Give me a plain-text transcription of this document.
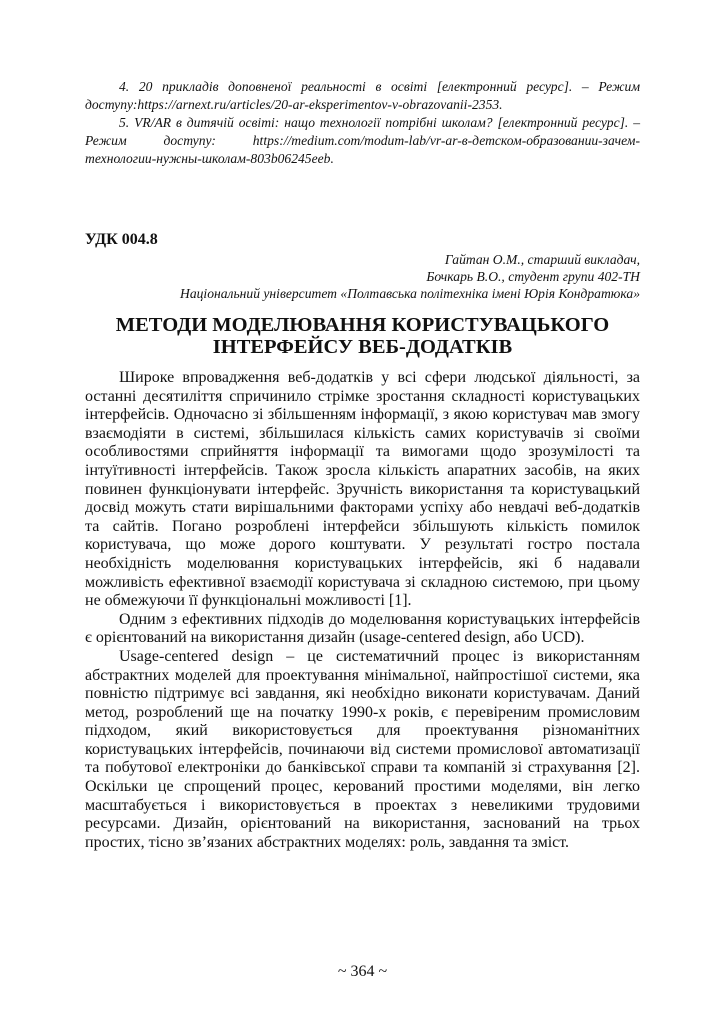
4. 20 прикладів доповненої реальності в освіті [електронний ресурс]. – Режим доступу:https://arnext.ru/articles/20-ar-eksperimentov-v-obrazovanii-2353.

5. VR/AR в дитячій освіті: нащо технології потрібні школам? [електронний ресурс]. – Режим доступу: https://medium.com/modum-lab/vr-ar-в-детском-образовании-зачем-технологии-нужны-школам-803b06245eeb.

УДК 004.8
Гайтан О.М., старший викладач,
Бочкарь В.О., студент групи 402-ТН
Національний університет «Полтавська політехніка імені Юрія Кондратюка»
МЕТОДИ МОДЕЛЮВАННЯ КОРИСТУВАЦЬКОГО
ІНТЕРФЕЙСУ ВЕБ-ДОДАТКІВ

Широке впровадження веб-додатків у всі сфери людської діяльності, за останні десятиліття спричинило стрімке зростання складності користувацьких інтерфейсів. Одночасно зі збільшенням інформації, з якою користувач мав змогу взаємодіяти в системі, збільшилася кількість самих користувачів зі своїми особливостями сприйняття інформації та вимогами щодо зрозумілості та інтуїтивності інтерфейсів. Також зросла кількість апаратних засобів, на яких повинен функціонувати інтерфейс. Зручність використання та користувацький досвід можуть стати вирішальними факторами успіху або невдачі веб-додатків та сайтів. Погано розроблені інтерфейси збільшують кількість помилок користувача, що може дорого коштувати. У результаті гостро постала необхідність моделювання користувацьких інтерфейсів, які б надавали можливість ефективної взаємодії користувача зі складною системою, при цьому не обмежуючи її функціональні можливості [1].

Одним з ефективних підходів до моделювання користувацьких інтерфейсів є орієнтований на використання дизайн (usage-centered design, або UCD).

Usage-centered design – це систематичний процес із використанням абстрактних моделей для проектування мінімальної, найпростішої системи, яка повністю підтримує всі завдання, які необхідно виконати користувачам. Даний метод, розроблений ще на початку 1990-х років, є перевіреним промисловим підходом, який використовується для проектування різноманітних користувацьких інтерфейсів, починаючи від системи промислової автоматизації та побутової електроніки до банківської справи та компаній зі страхування [2]. Оскільки це спрощений процес, керований простими моделями, він легко масштабується і використовується в проектах з невеликими трудовими ресурсами. Дизайн, орієнтований на використання, заснований на трьох простих, тісно зв’язаних абстрактних моделях: роль, завдання та зміст.

~ 364 ~
